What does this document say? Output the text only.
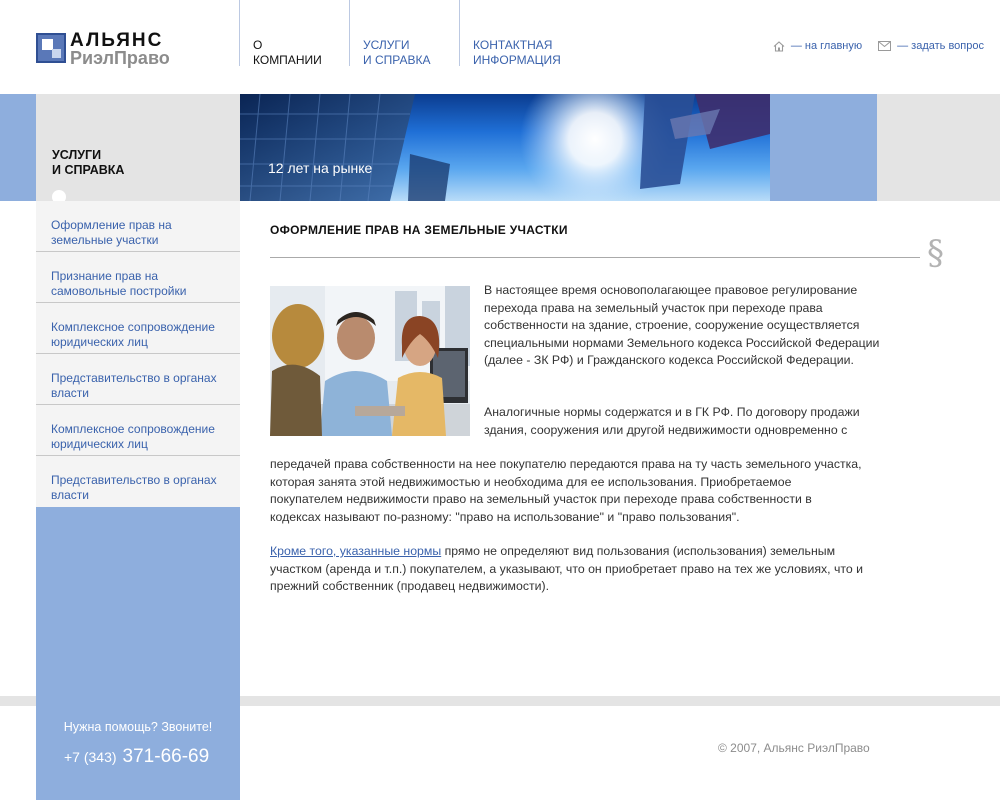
АЛЬЯНС
РиэлПраво
О
КОМПАНИИ
УСЛУГИ
И СПРАВКА
КОНТАКТНАЯ
ИНФОРМАЦИЯ
— на главную	— задать вопрос
УСЛУГИ
И СПРАВКА	12 лет на рынке
Оформление прав на земельные участки
Признание прав на самовольные постройки
Комплексное сопровождение юридических лиц
Представительство в органах власти
Комплексное сопровождение юридических лиц
Представительство в органах власти
ОФОРМЛЕНИЕ ПРАВ НА ЗЕМЕЛЬНЫЕ УЧАСТКИ
§

В настоящее время основополагающее правовое регулирование перехода права на земельный участок при переходе права собственности на здание, строение, сооружение осуществляется специальными нормами Земельного кодекса Российской Федерации (далее - ЗК РФ) и Гражданского кодекса Российской Федерации.

Аналогичные нормы содержатся и в ГК РФ. По договору продажи здания, сооружения или другой недвижимости одновременно с

передачей права собственности на нее покупателю передаются права на ту часть земельного участка, которая занята этой недвижимостью и необходима для ее использования. Приобретаемое покупателем недвижимости право на земельный участок при переходе права собственности в кодексах называют по-разному: "право на использование" и "право пользования".

Кроме того, указанные нормы прямо не определяют вид пользования (использования) земельным участком (аренда и т.п.) покупателем, а указывают, что он приобретает право на тех же условиях, что и прежний собственник (продавец недвижимости).

Нужна помощь? Звоните!
+7 (343) 371-66-69	© 2007, Альянс РиэлПраво
